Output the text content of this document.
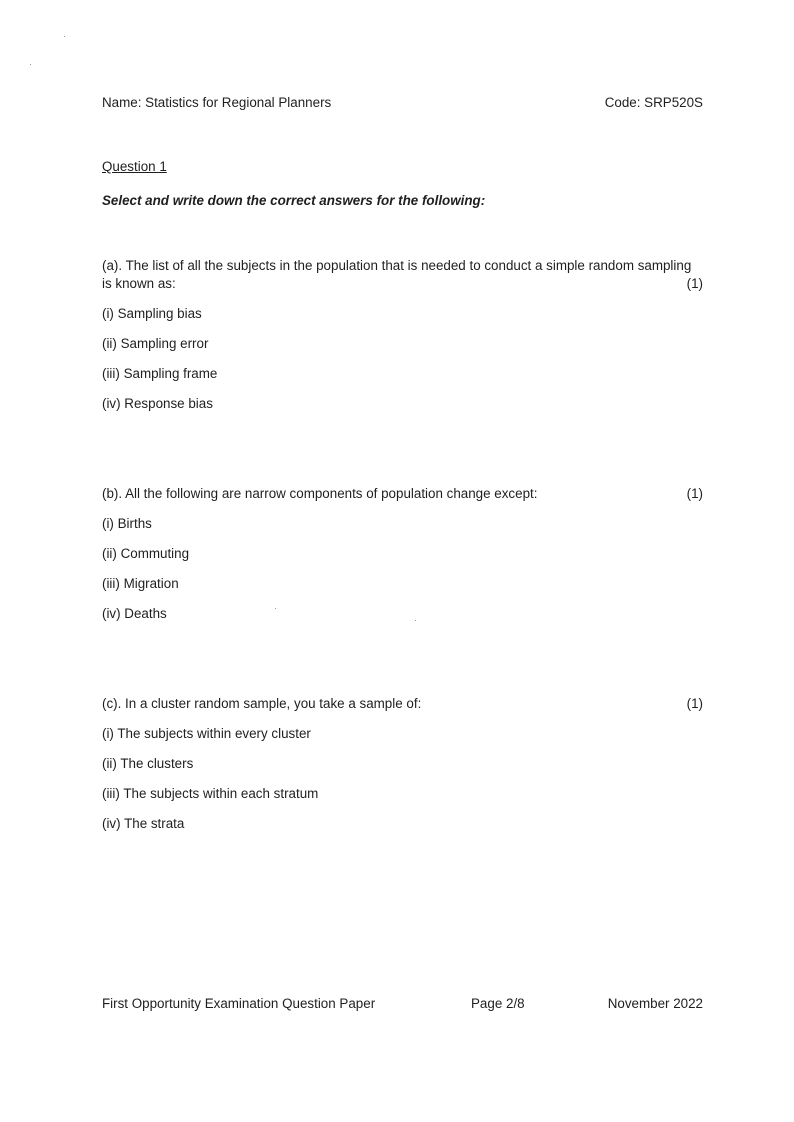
Name: Statistics for Regional Planners	Code: SRP520S
Question 1
Select and write down the correct answers for the following:
(a). The list of all the subjects in the population that is needed to conduct a simple random sampling
is known as:	(1)
(i) Sampling bias
(ii) Sampling error
(iii) Sampling frame
(iv) Response bias
(b). All the following are narrow components of population change except:	(1)
(i) Births
(ii) Commuting
(iii) Migration
(iv) Deaths
(c). In a cluster random sample, you take a sample of:	(1)
(i) The subjects within every cluster
(ii) The clusters
(iii) The subjects within each stratum
(iv) The strata
First Opportunity Examination Question Paper	Page 2/8	November 2022
